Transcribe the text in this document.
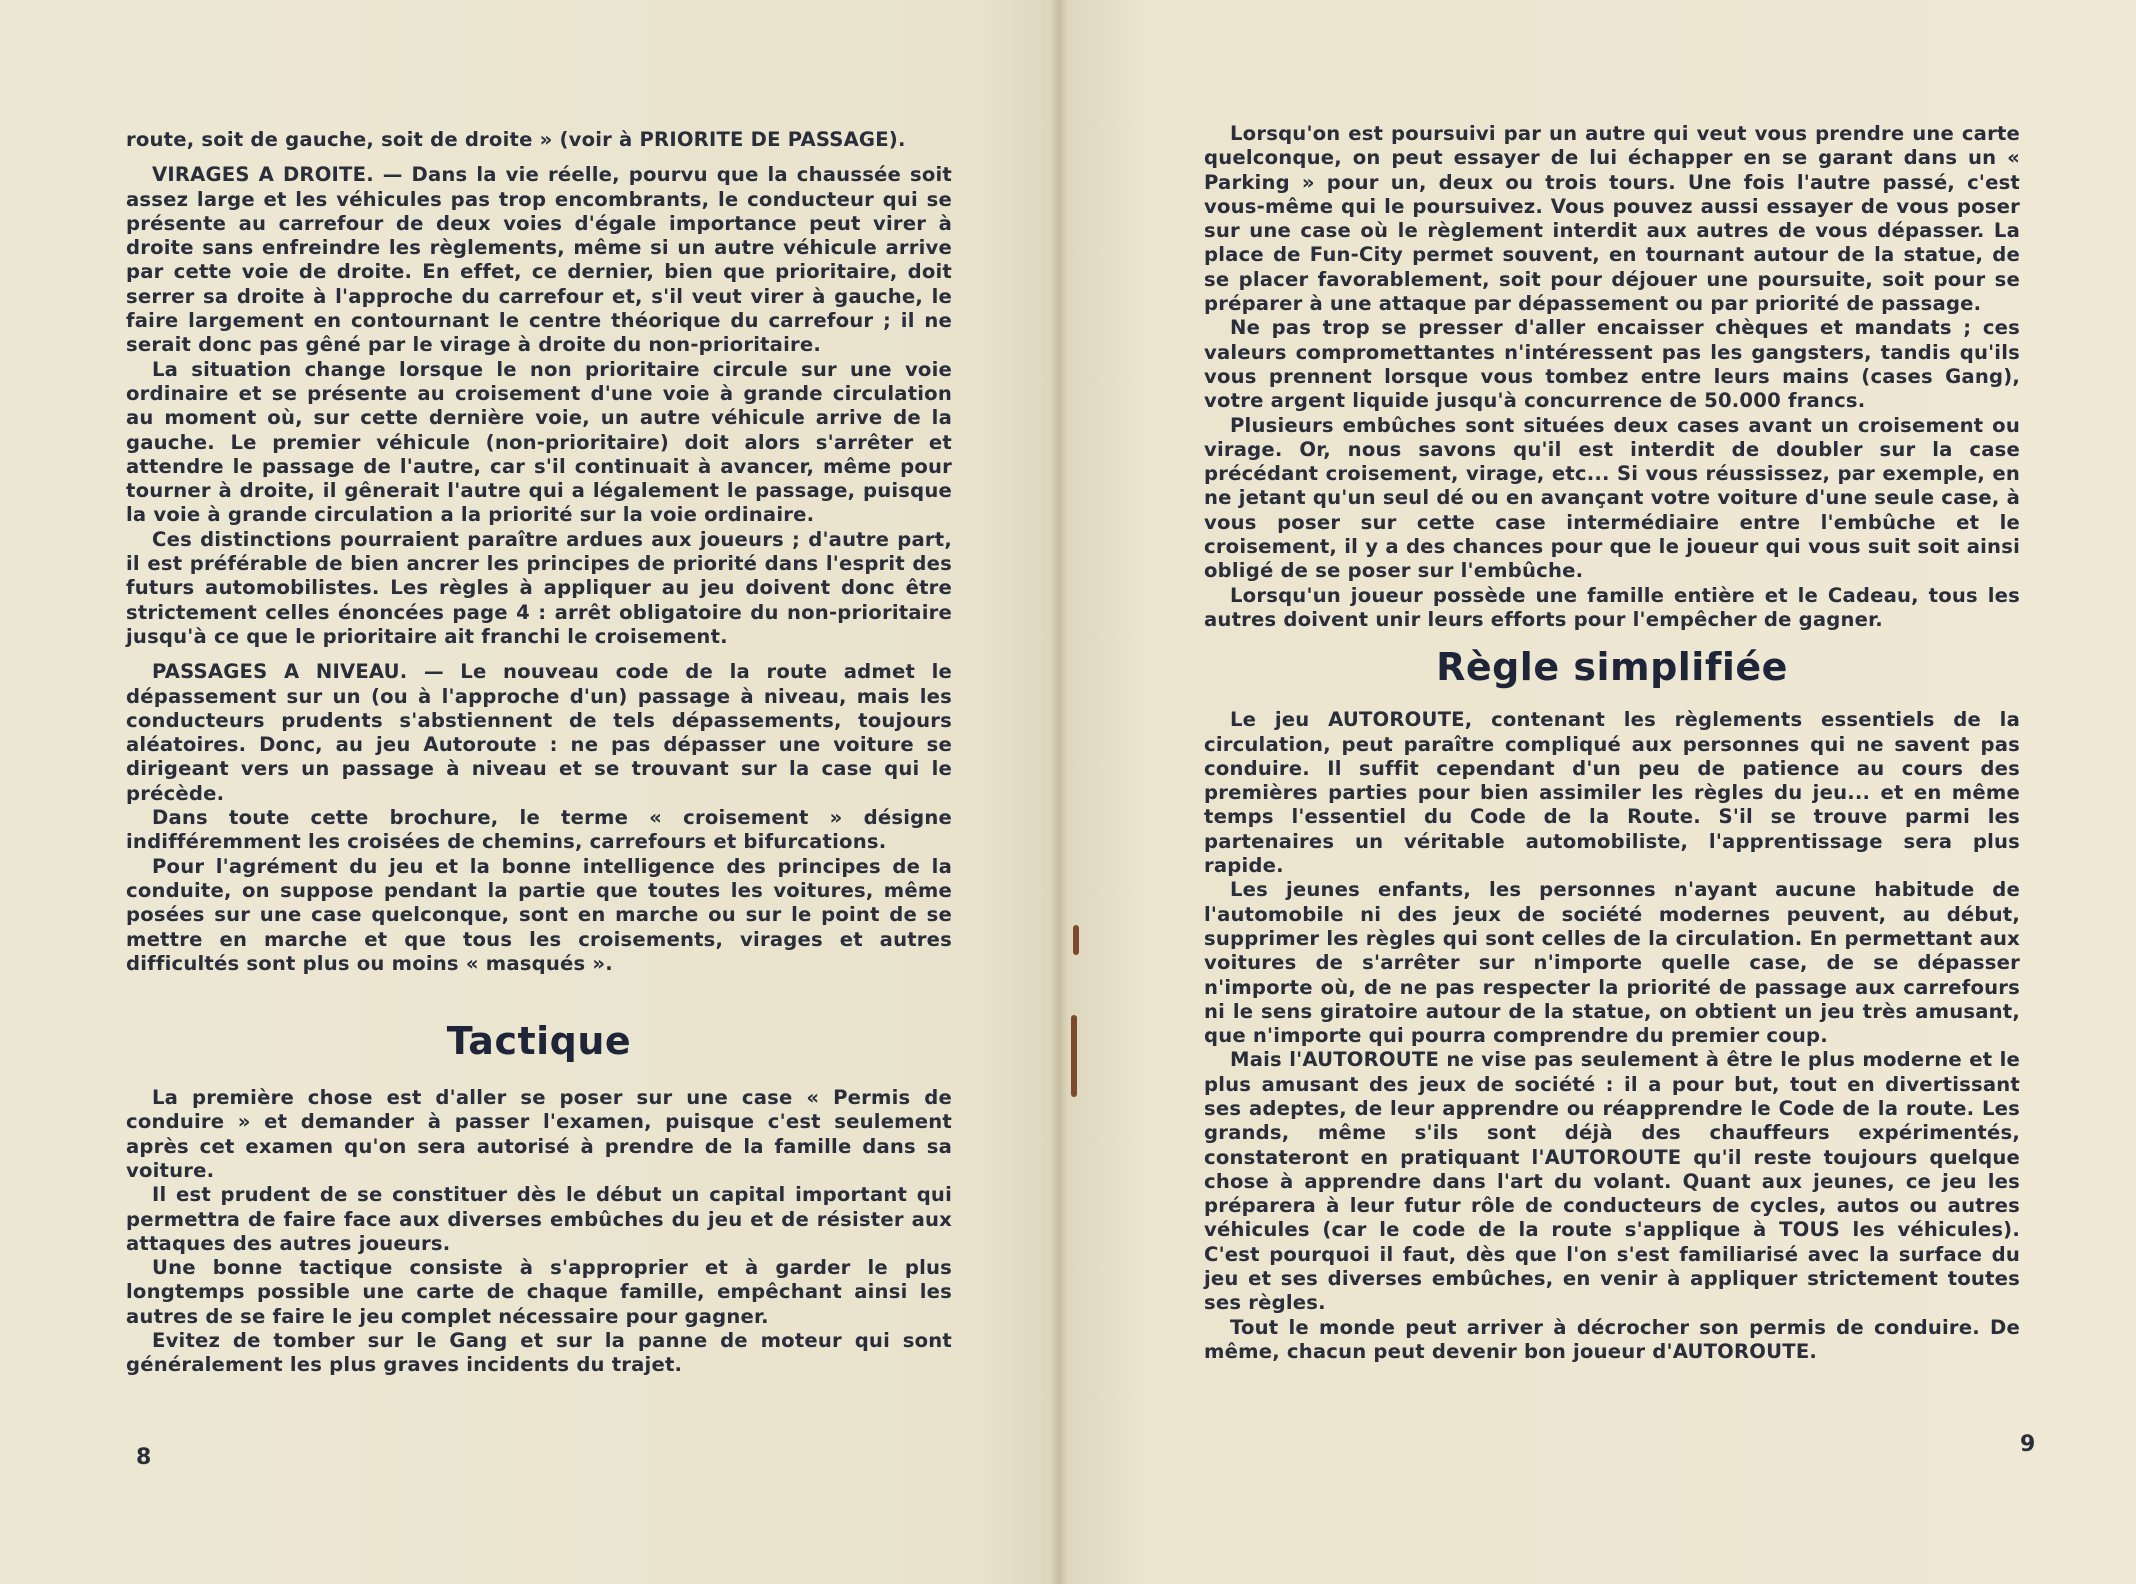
route, soit de gauche, soit de droite » (voir à PRIORITE DE PASSAGE).

VIRAGES A DROITE. — Dans la vie réelle, pourvu que la chaussée soit assez large et les véhicules pas trop encombrants, le conducteur qui se présente au carrefour de deux voies d'égale importance peut virer à droite sans enfreindre les règlements, même si un autre véhicule arrive par cette voie de droite. En effet, ce dernier, bien que prioritaire, doit serrer sa droite à l'approche du carrefour et, s'il veut virer à gauche, le faire largement en contournant le centre théorique du carrefour ; il ne serait donc pas gêné par le virage à droite du non-prioritaire.

La situation change lorsque le non prioritaire circule sur une voie ordinaire et se présente au croisement d'une voie à grande circulation au moment où, sur cette dernière voie, un autre véhicule arrive de la gauche. Le premier véhicule (non-prioritaire) doit alors s'arrêter et attendre le passage de l'autre, car s'il continuait à avancer, même pour tourner à droite, il gênerait l'autre qui a légalement le passage, puisque la voie à grande circulation a la priorité sur la voie ordinaire.

Ces distinctions pourraient paraître ardues aux joueurs ; d'autre part, il est préférable de bien ancrer les principes de priorité dans l'esprit des futurs automobilistes. Les règles à appliquer au jeu doivent donc être strictement celles énoncées page 4 : arrêt obligatoire du non-prioritaire jusqu'à ce que le prioritaire ait franchi le croisement.

PASSAGES A NIVEAU. — Le nouveau code de la route admet le dépassement sur un (ou à l'approche d'un) passage à niveau, mais les conducteurs prudents s'abstiennent de tels dépassements, toujours aléatoires. Donc, au jeu Autoroute : ne pas dépasser une voiture se dirigeant vers un passage à niveau et se trouvant sur la case qui le précède.

Dans toute cette brochure, le terme « croisement » désigne indifféremment les croisées de chemins, carrefours et bifurcations.

Pour l'agrément du jeu et la bonne intelligence des principes de la conduite, on suppose pendant la partie que toutes les voitures, même posées sur une case quelconque, sont en marche ou sur le point de se mettre en marche et que tous les croisements, virages et autres difficultés sont plus ou moins « masqués ».

Tactique

La première chose est d'aller se poser sur une case « Permis de conduire » et demander à passer l'examen, puisque c'est seulement après cet examen qu'on sera autorisé à prendre de la famille dans sa voiture.

Il est prudent de se constituer dès le début un capital important qui permettra de faire face aux diverses embûches du jeu et de résister aux attaques des autres joueurs.

Une bonne tactique consiste à s'approprier et à garder le plus longtemps possible une carte de chaque famille, empêchant ainsi les autres de se faire le jeu complet nécessaire pour gagner.

Evitez de tomber sur le Gang et sur la panne de moteur qui sont généralement les plus graves incidents du trajet.

8

Lorsqu'on est poursuivi par un autre qui veut vous prendre une carte quelconque, on peut essayer de lui échapper en se garant dans un « Parking » pour un, deux ou trois tours. Une fois l'autre passé, c'est vous-même qui le poursuivez. Vous pouvez aussi essayer de vous poser sur une case où le règlement interdit aux autres de vous dépasser. La place de Fun-City permet souvent, en tournant autour de la statue, de se placer favorablement, soit pour déjouer une poursuite, soit pour se préparer à une attaque par dépassement ou par priorité de passage.

Ne pas trop se presser d'aller encaisser chèques et mandats ; ces valeurs compromettantes n'intéressent pas les gangsters, tandis qu'ils vous prennent lorsque vous tombez entre leurs mains (cases Gang), votre argent liquide jusqu'à concurrence de 50.000 francs.

Plusieurs embûches sont situées deux cases avant un croisement ou virage. Or, nous savons qu'il est interdit de doubler sur la case précédant croisement, virage, etc... Si vous réussissez, par exemple, en ne jetant qu'un seul dé ou en avançant votre voiture d'une seule case, à vous poser sur cette case intermédiaire entre l'embûche et le croisement, il y a des chances pour que le joueur qui vous suit soit ainsi obligé de se poser sur l'embûche.

Lorsqu'un joueur possède une famille entière et le Cadeau, tous les autres doivent unir leurs efforts pour l'empêcher de gagner.

Règle simplifiée

Le jeu AUTOROUTE, contenant les règlements essentiels de la circulation, peut paraître compliqué aux personnes qui ne savent pas conduire. Il suffit cependant d'un peu de patience au cours des premières parties pour bien assimiler les règles du jeu... et en même temps l'essentiel du Code de la Route. S'il se trouve parmi les partenaires un véritable automobiliste, l'apprentissage sera plus rapide.

Les jeunes enfants, les personnes n'ayant aucune habitude de l'automobile ni des jeux de société modernes peuvent, au début, supprimer les règles qui sont celles de la circulation. En permettant aux voitures de s'arrêter sur n'importe quelle case, de se dépasser n'importe où, de ne pas respecter la priorité de passage aux carrefours ni le sens giratoire autour de la statue, on obtient un jeu très amusant, que n'importe qui pourra comprendre du premier coup.

Mais l'AUTOROUTE ne vise pas seulement à être le plus moderne et le plus amusant des jeux de société : il a pour but, tout en divertissant ses adeptes, de leur apprendre ou réapprendre le Code de la route. Les grands, même s'ils sont déjà des chauffeurs expérimentés, constateront en pratiquant l'AUTOROUTE qu'il reste toujours quelque chose à apprendre dans l'art du volant. Quant aux jeunes, ce jeu les préparera à leur futur rôle de conducteurs de cycles, autos ou autres véhicules (car le code de la route s'applique à TOUS les véhicules). C'est pourquoi il faut, dès que l'on s'est familiarisé avec la surface du jeu et ses diverses embûches, en venir à appliquer strictement toutes ses règles.

Tout le monde peut arriver à décrocher son permis de conduire. De même, chacun peut devenir bon joueur d'AUTOROUTE.

9
